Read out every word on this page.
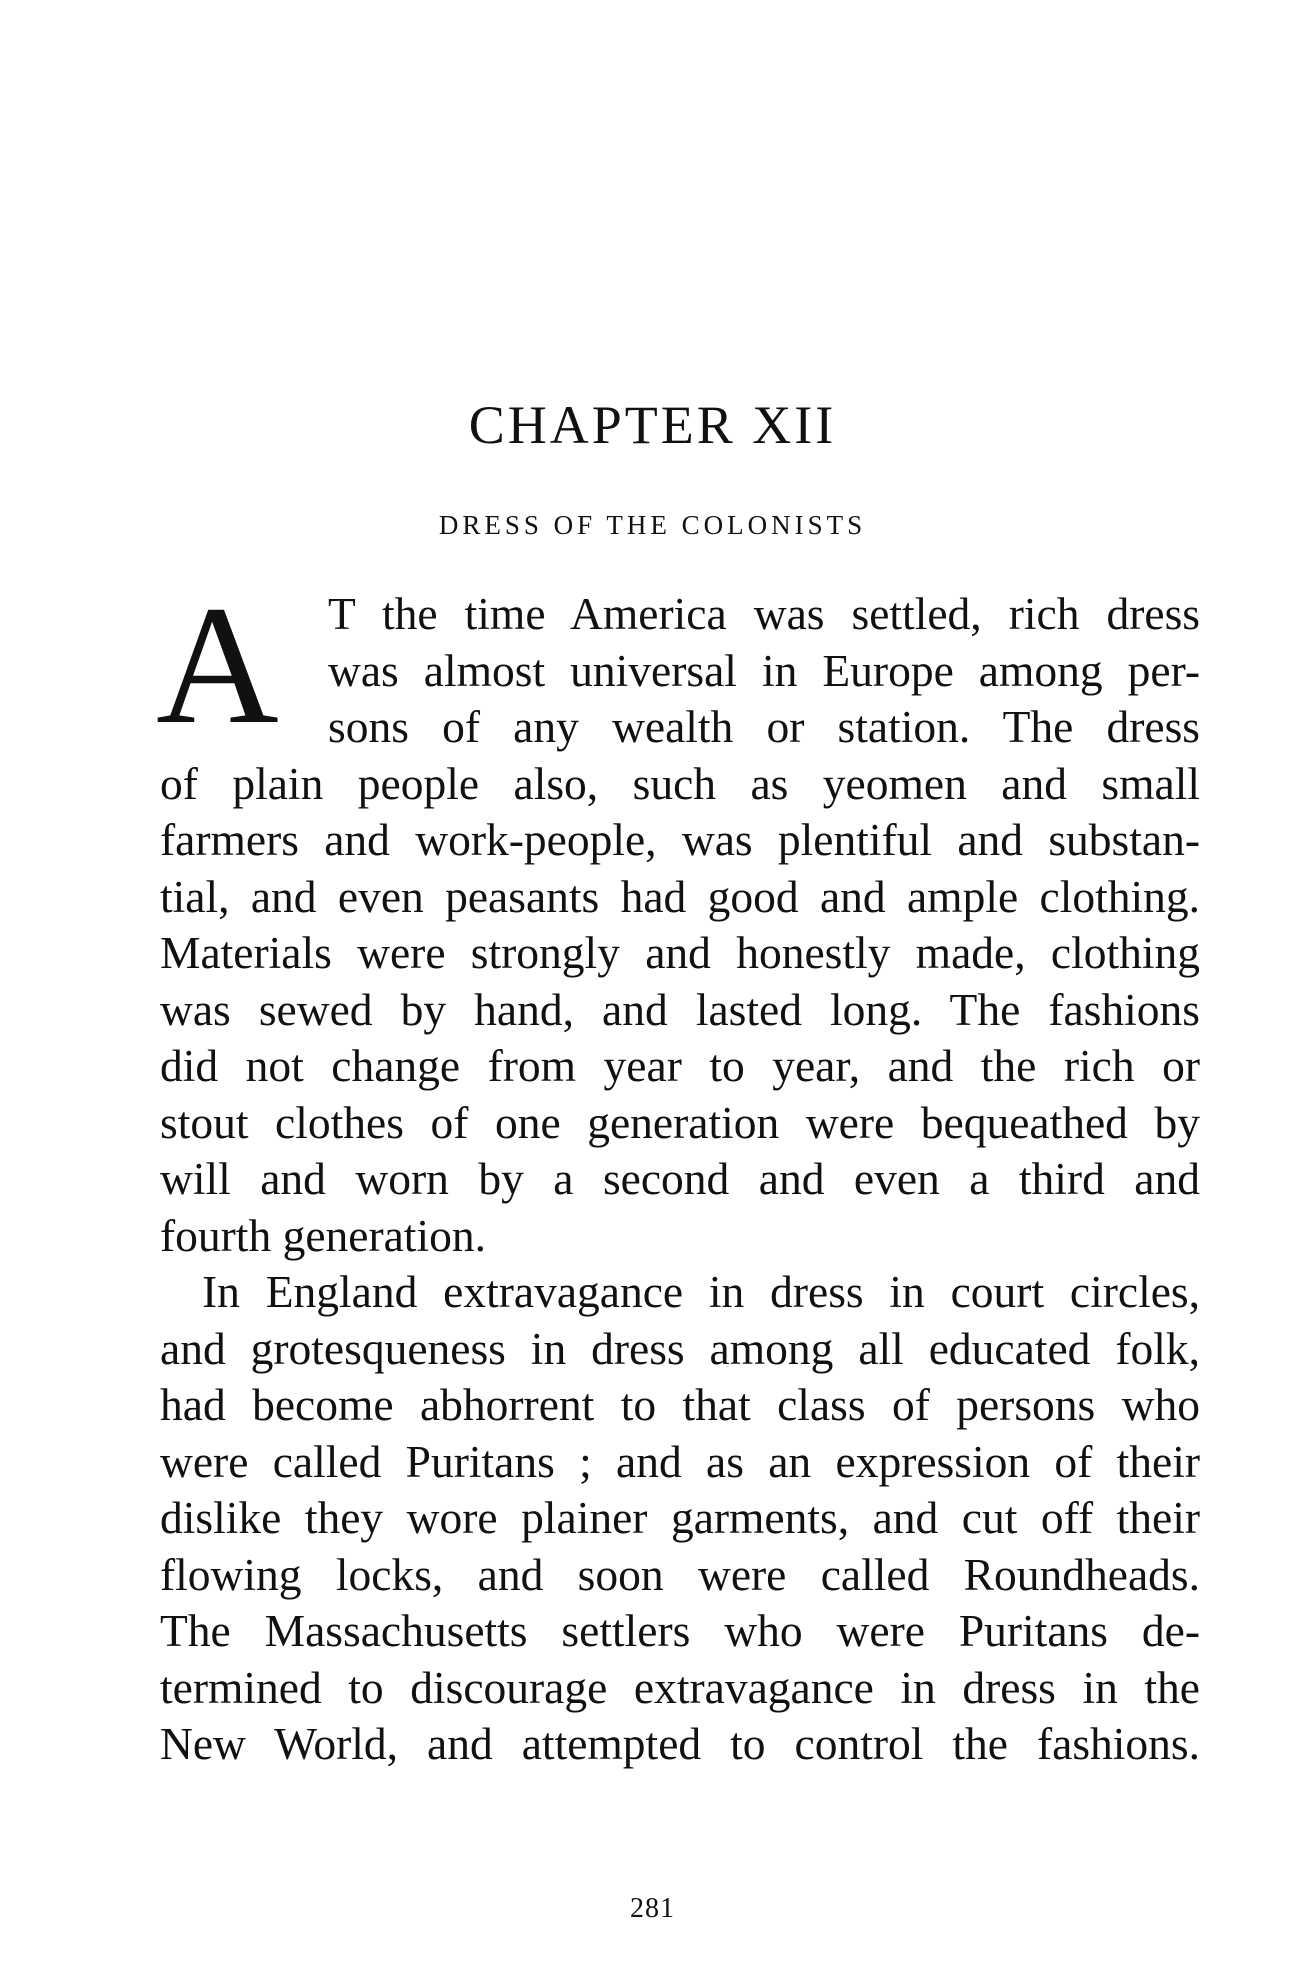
CHAPTER XII
DRESS OF THE COLONISTS
A T the time America was settled, rich dress
was almost universal in Europe among per-
sons of any wealth or station. The dress
of plain people also, such as yeomen and small
farmers and work-people, was plentiful and substan-
tial, and even peasants had good and ample clothing.
Materials were strongly and honestly made, clothing
was sewed by hand, and lasted long. The fashions
did not change from year to year, and the rich or
stout clothes of one generation were bequeathed by
will and worn by a second and even a third and
fourth generation.
In England extravagance in dress in court circles,
and grotesqueness in dress among all educated folk,
had become abhorrent to that class of persons who
were called Puritans ; and as an expression of their
dislike they wore plainer garments, and cut off their
flowing locks, and soon were called Roundheads.
The Massachusetts settlers who were Puritans de-
termined to discourage extravagance in dress in the
New World, and attempted to control the fashions.
281
